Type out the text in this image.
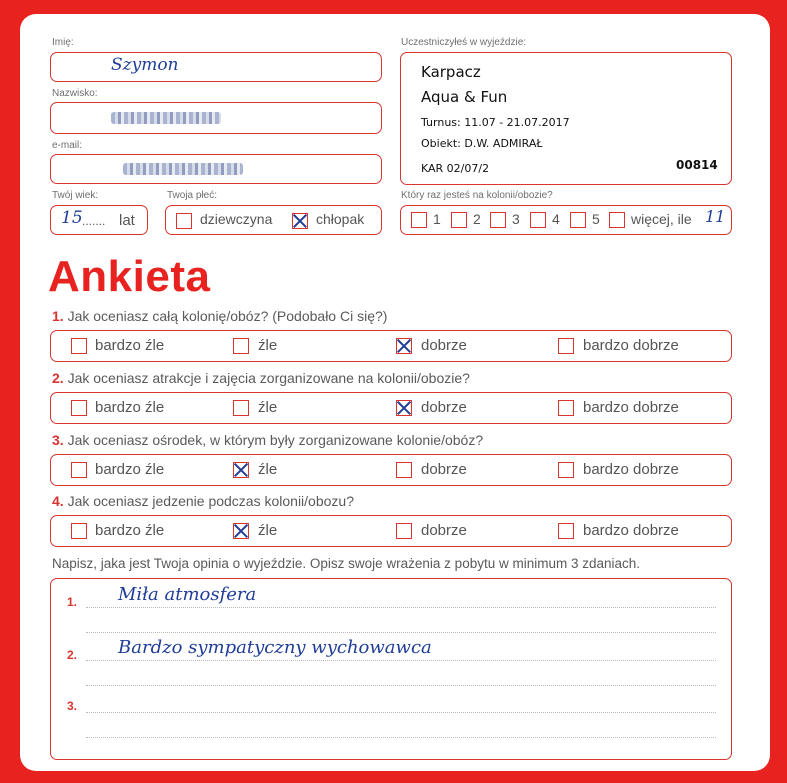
Imię:
Szymon
Nazwisko:
e-mail:
Twój wiek:
15 ....... lat
Twoja płeć:
dziewczyna	chłopak
Uczestniczyłeś w wyjeździe:
Karpacz
Aqua & Fun
Turnus: 11.07 - 21.07.2017
Obiekt: D.W. ADMIRAŁ
KAR 02/07/2	00814
Który raz jesteś na kolonii/obozie?
1 2 3 4 5 więcej, ile 11
Ankieta
1. Jak oceniasz całą kolonię/obóz? (Podobało Ci się?)
bardzo źle	źle	dobrze	bardzo dobrze
2. Jak oceniasz atrakcje i zajęcia zorganizowane na kolonii/obozie?
bardzo źle	źle	dobrze	bardzo dobrze
3. Jak oceniasz ośrodek, w którym były zorganizowane kolonie/obóz?
bardzo źle	źle	dobrze	bardzo dobrze
4. Jak oceniasz jedzenie podczas kolonii/obozu?
bardzo źle	źle	dobrze	bardzo dobrze
Napisz, jaka jest Twoja opinia o wyjeździe. Opisz swoje wrażenia z pobytu w minimum 3 zdaniach.
1. Miła atmosfera
2. Bardzo sympatyczny wychowawca
3.
